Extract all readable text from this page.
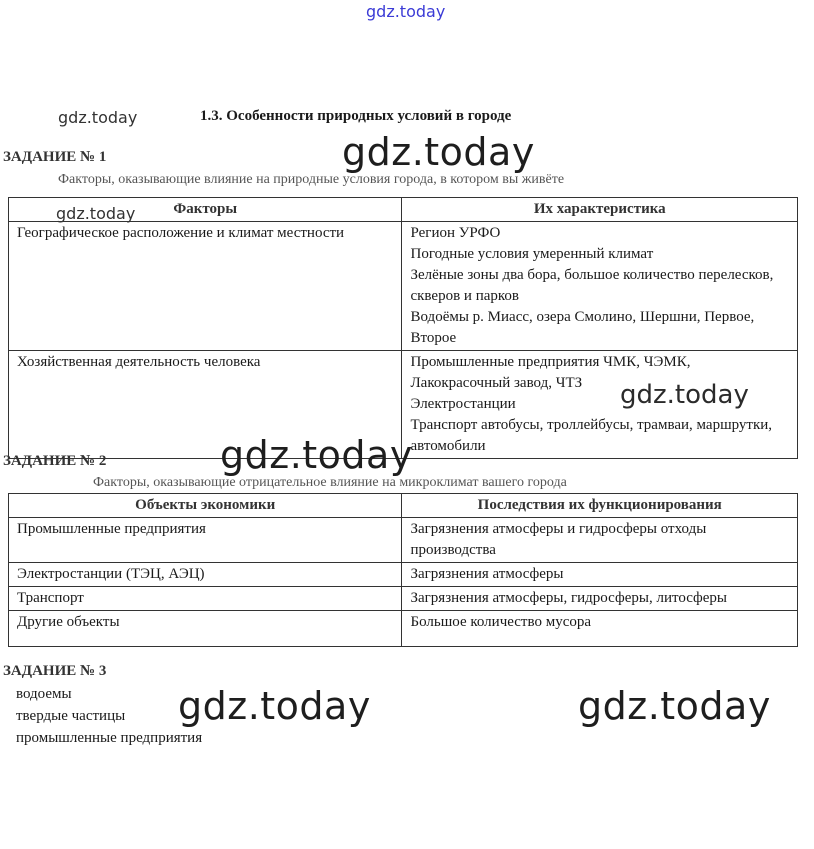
gdz.today
gdz.today
gdz.today
1.3. Особенности природных условий в городе
ЗАДАНИЕ № 1
Факторы, оказывающие влияние на природные условия города, в котором вы живёте
Факторы	Их характеристика
Географическое расположение и климат местности	Регион УРФО
Погодные условия умеренный климат
Зелёные зоны два бора, большое количество перелесков, скверов и парков
Водоёмы р. Миасс, озера Смолино, Шершни, Первое, Второе

Хозяйственная деятельность человека	Промышленные предприятия ЧМК, ЧЭМК, Лакокрасочный завод, ЧТЗ
Электростанции
Транспорт автобусы, троллейбусы, трамваи, маршрутки, автомобили
gdz.today
gdz.today
ЗАДАНИЕ № 2	gdz.today
Факторы, оказывающие отрицательное влияние на микроклимат вашего города
Объекты экономики	Последствия их функционирования
Промышленные предприятия	Загрязнения атмосферы и гидросферы отходы производства
Электростанции (ТЭЦ, АЭЦ)	Загрязнения атмосферы
Транспорт	Загрязнения атмосферы, гидросферы, литосферы
Другие объекты	Большое количество мусора
ЗАДАНИЕ № 3
водоемы
твердые частицы
промышленные предприятия
gdz.today	gdz.today
